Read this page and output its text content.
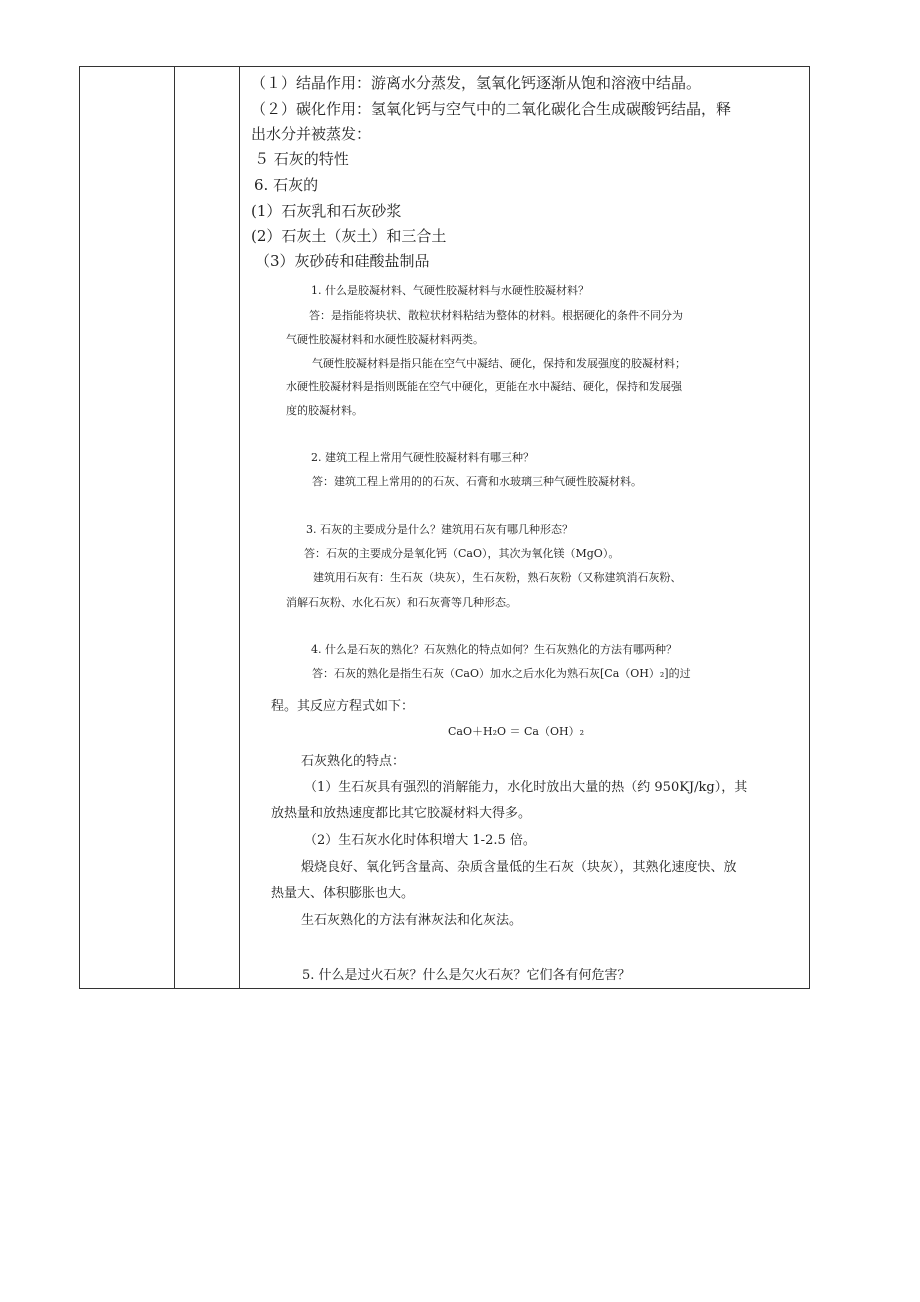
（１）结晶作用：游离水分蒸发，氢氧化钙逐渐从饱和溶液中结晶。
（２）碳化作用：氢氧化钙与空气中的二氧化碳化合生成碳酸钙结晶，释
出水分并被蒸发：
５ 石灰的特性
6. 石灰的
(1）石灰乳和石灰砂浆
(2）石灰土（灰土）和三合土
（3）灰砂砖和硅酸盐制品
1. 什么是胶凝材料、气硬性胶凝材料与水硬性胶凝材料？
答：是指能将块状、散粒状材料粘结为整体的材料。根据硬化的条件不同分为
气硬性胶凝材料和水硬性胶凝材料两类。
气硬性胶凝材料是指只能在空气中凝结、硬化，保持和发展强度的胶凝材料；
水硬性胶凝材料是指则既能在空气中硬化，更能在水中凝结、硬化，保持和发展强
度的胶凝材料。
2. 建筑工程上常用气硬性胶凝材料有哪三种？
答：建筑工程上常用的的石灰、石膏和水玻璃三种气硬性胶凝材料。
3. 石灰的主要成分是什么？建筑用石灰有哪几种形态？
答：石灰的主要成分是氧化钙（CaO），其次为氧化镁（MgO）。
建筑用石灰有：生石灰（块灰），生石灰粉，熟石灰粉（又称建筑消石灰粉、
消解石灰粉、水化石灰）和石灰膏等几种形态。
4. 什么是石灰的熟化？石灰熟化的特点如何？生石灰熟化的方法有哪两种？
答：石灰的熟化是指生石灰（CaO）加水之后水化为熟石灰[Ca（OH）₂]的过
程。其反应方程式如下：
CaO＋H₂O ＝ Ca（OH）₂
石灰熟化的特点：
（1）生石灰具有强烈的消解能力，水化时放出大量的热（约 950KJ/kg），其
放热量和放热速度都比其它胶凝材料大得多。
（2）生石灰水化时体积增大 1-2.5 倍。
煅烧良好、氧化钙含量高、杂质含量低的生石灰（块灰），其熟化速度快、放
热量大、体积膨胀也大。
生石灰熟化的方法有淋灰法和化灰法。
5. 什么是过火石灰？什么是欠火石灰？它们各有何危害？
